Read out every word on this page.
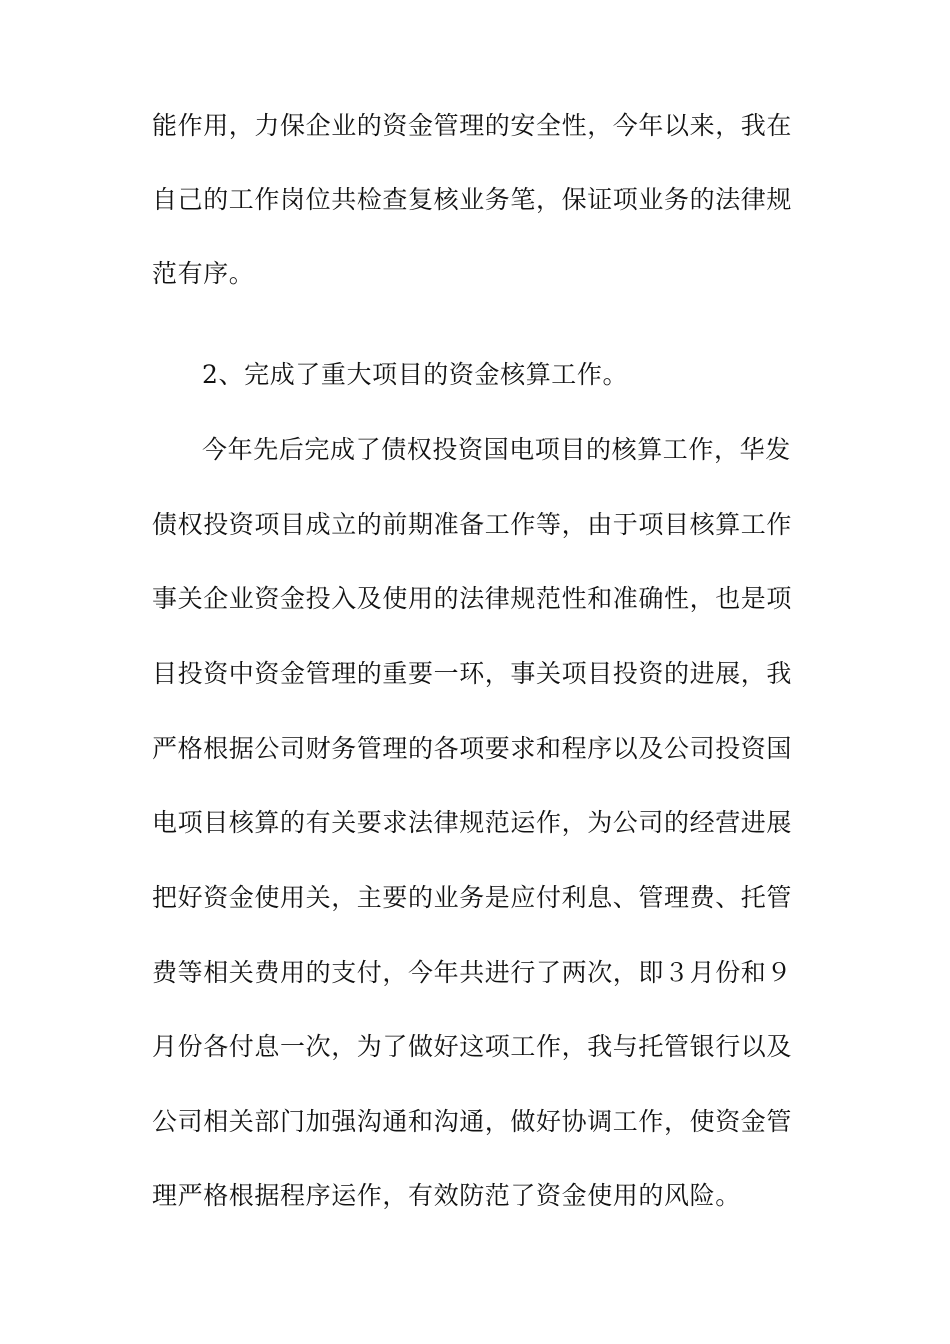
能作用，力保企业的资金管理的安全性，今年以来，我在
自己的工作岗位共检查复核业务笔，保证项业务的法律规
范有序。
2、完成了重大项目的资金核算工作。
今年先后完成了债权投资国电项目的核算工作，华发
债权投资项目成立的前期准备工作等，由于项目核算工作
事关企业资金投入及使用的法律规范性和准确性，也是项
目投资中资金管理的重要一环，事关项目投资的进展，我
严格根据公司财务管理的各项要求和程序以及公司投资国
电项目核算的有关要求法律规范运作，为公司的经营进展
把好资金使用关，主要的业务是应付利息、管理费、托管
费等相关费用的支付，今年共进行了两次，即３月份和９
月份各付息一次，为了做好这项工作，我与托管银行以及
公司相关部门加强沟通和沟通，做好协调工作，使资金管
理严格根据程序运作，有效防范了资金使用的风险。
